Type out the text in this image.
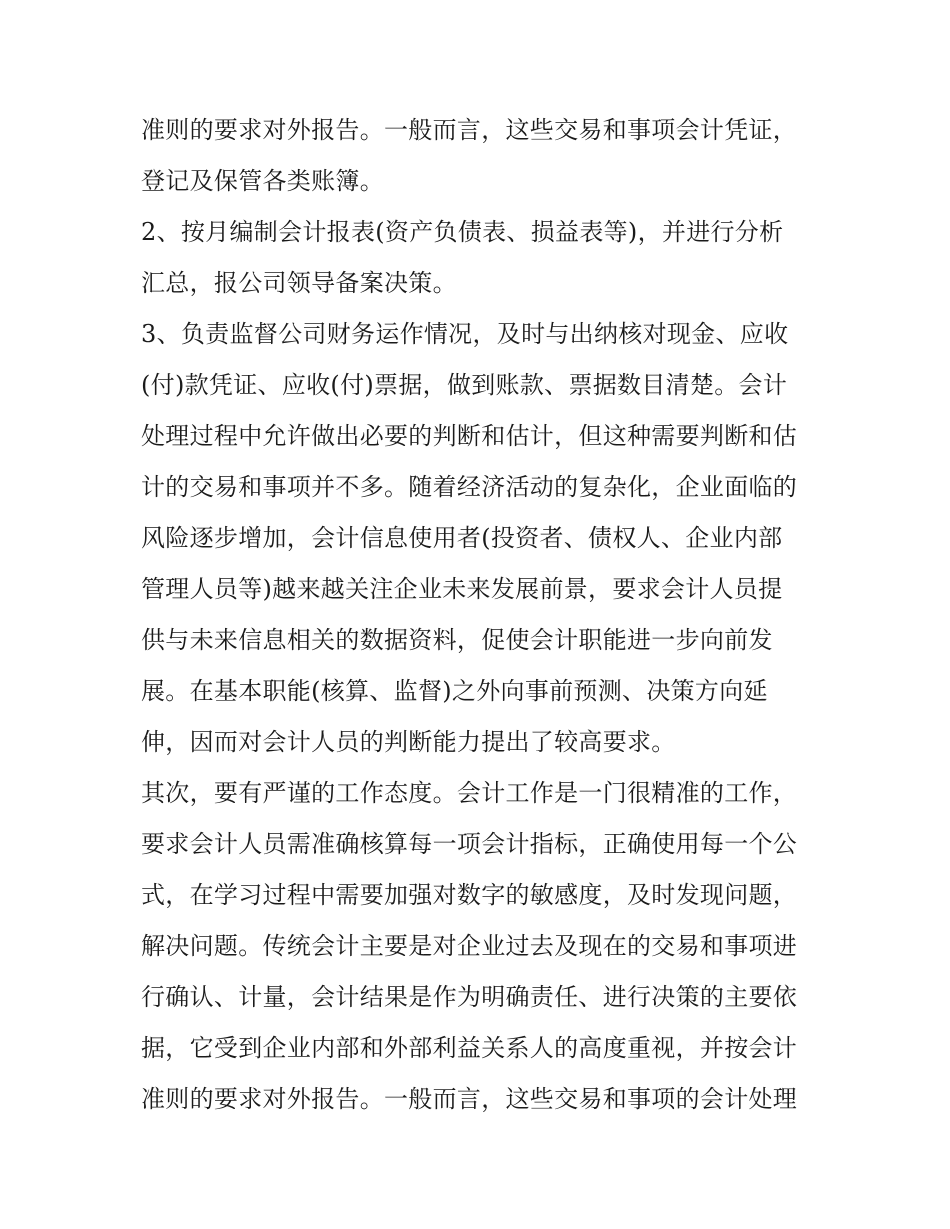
准则的要求对外报告。一般而言，这些交易和事项会计凭证，
登记及保管各类账簿。
2、按月编制会计报表(资产负债表、损益表等)，并进行分析
汇总，报公司领导备案决策。
3、负责监督公司财务运作情况，及时与出纳核对现金、应收
(付)款凭证、应收(付)票据，做到账款、票据数目清楚。会计
处理过程中允许做出必要的判断和估计，但这种需要判断和估
计的交易和事项并不多。随着经济活动的复杂化，企业面临的
风险逐步增加，会计信息使用者(投资者、债权人、企业内部
管理人员等)越来越关注企业未来发展前景，要求会计人员提
供与未来信息相关的数据资料，促使会计职能进一步向前发
展。在基本职能(核算、监督)之外向事前预测、决策方向延
伸，因而对会计人员的判断能力提出了较高要求。
其次，要有严谨的工作态度。会计工作是一门很精准的工作，
要求会计人员需准确核算每一项会计指标，正确使用每一个公
式，在学习过程中需要加强对数字的敏感度，及时发现问题，
解决问题。传统会计主要是对企业过去及现在的交易和事项进
行确认、计量，会计结果是作为明确责任、进行决策的主要依
据，它受到企业内部和外部利益关系人的高度重视，并按会计
准则的要求对外报告。一般而言，这些交易和事项的会计处理
